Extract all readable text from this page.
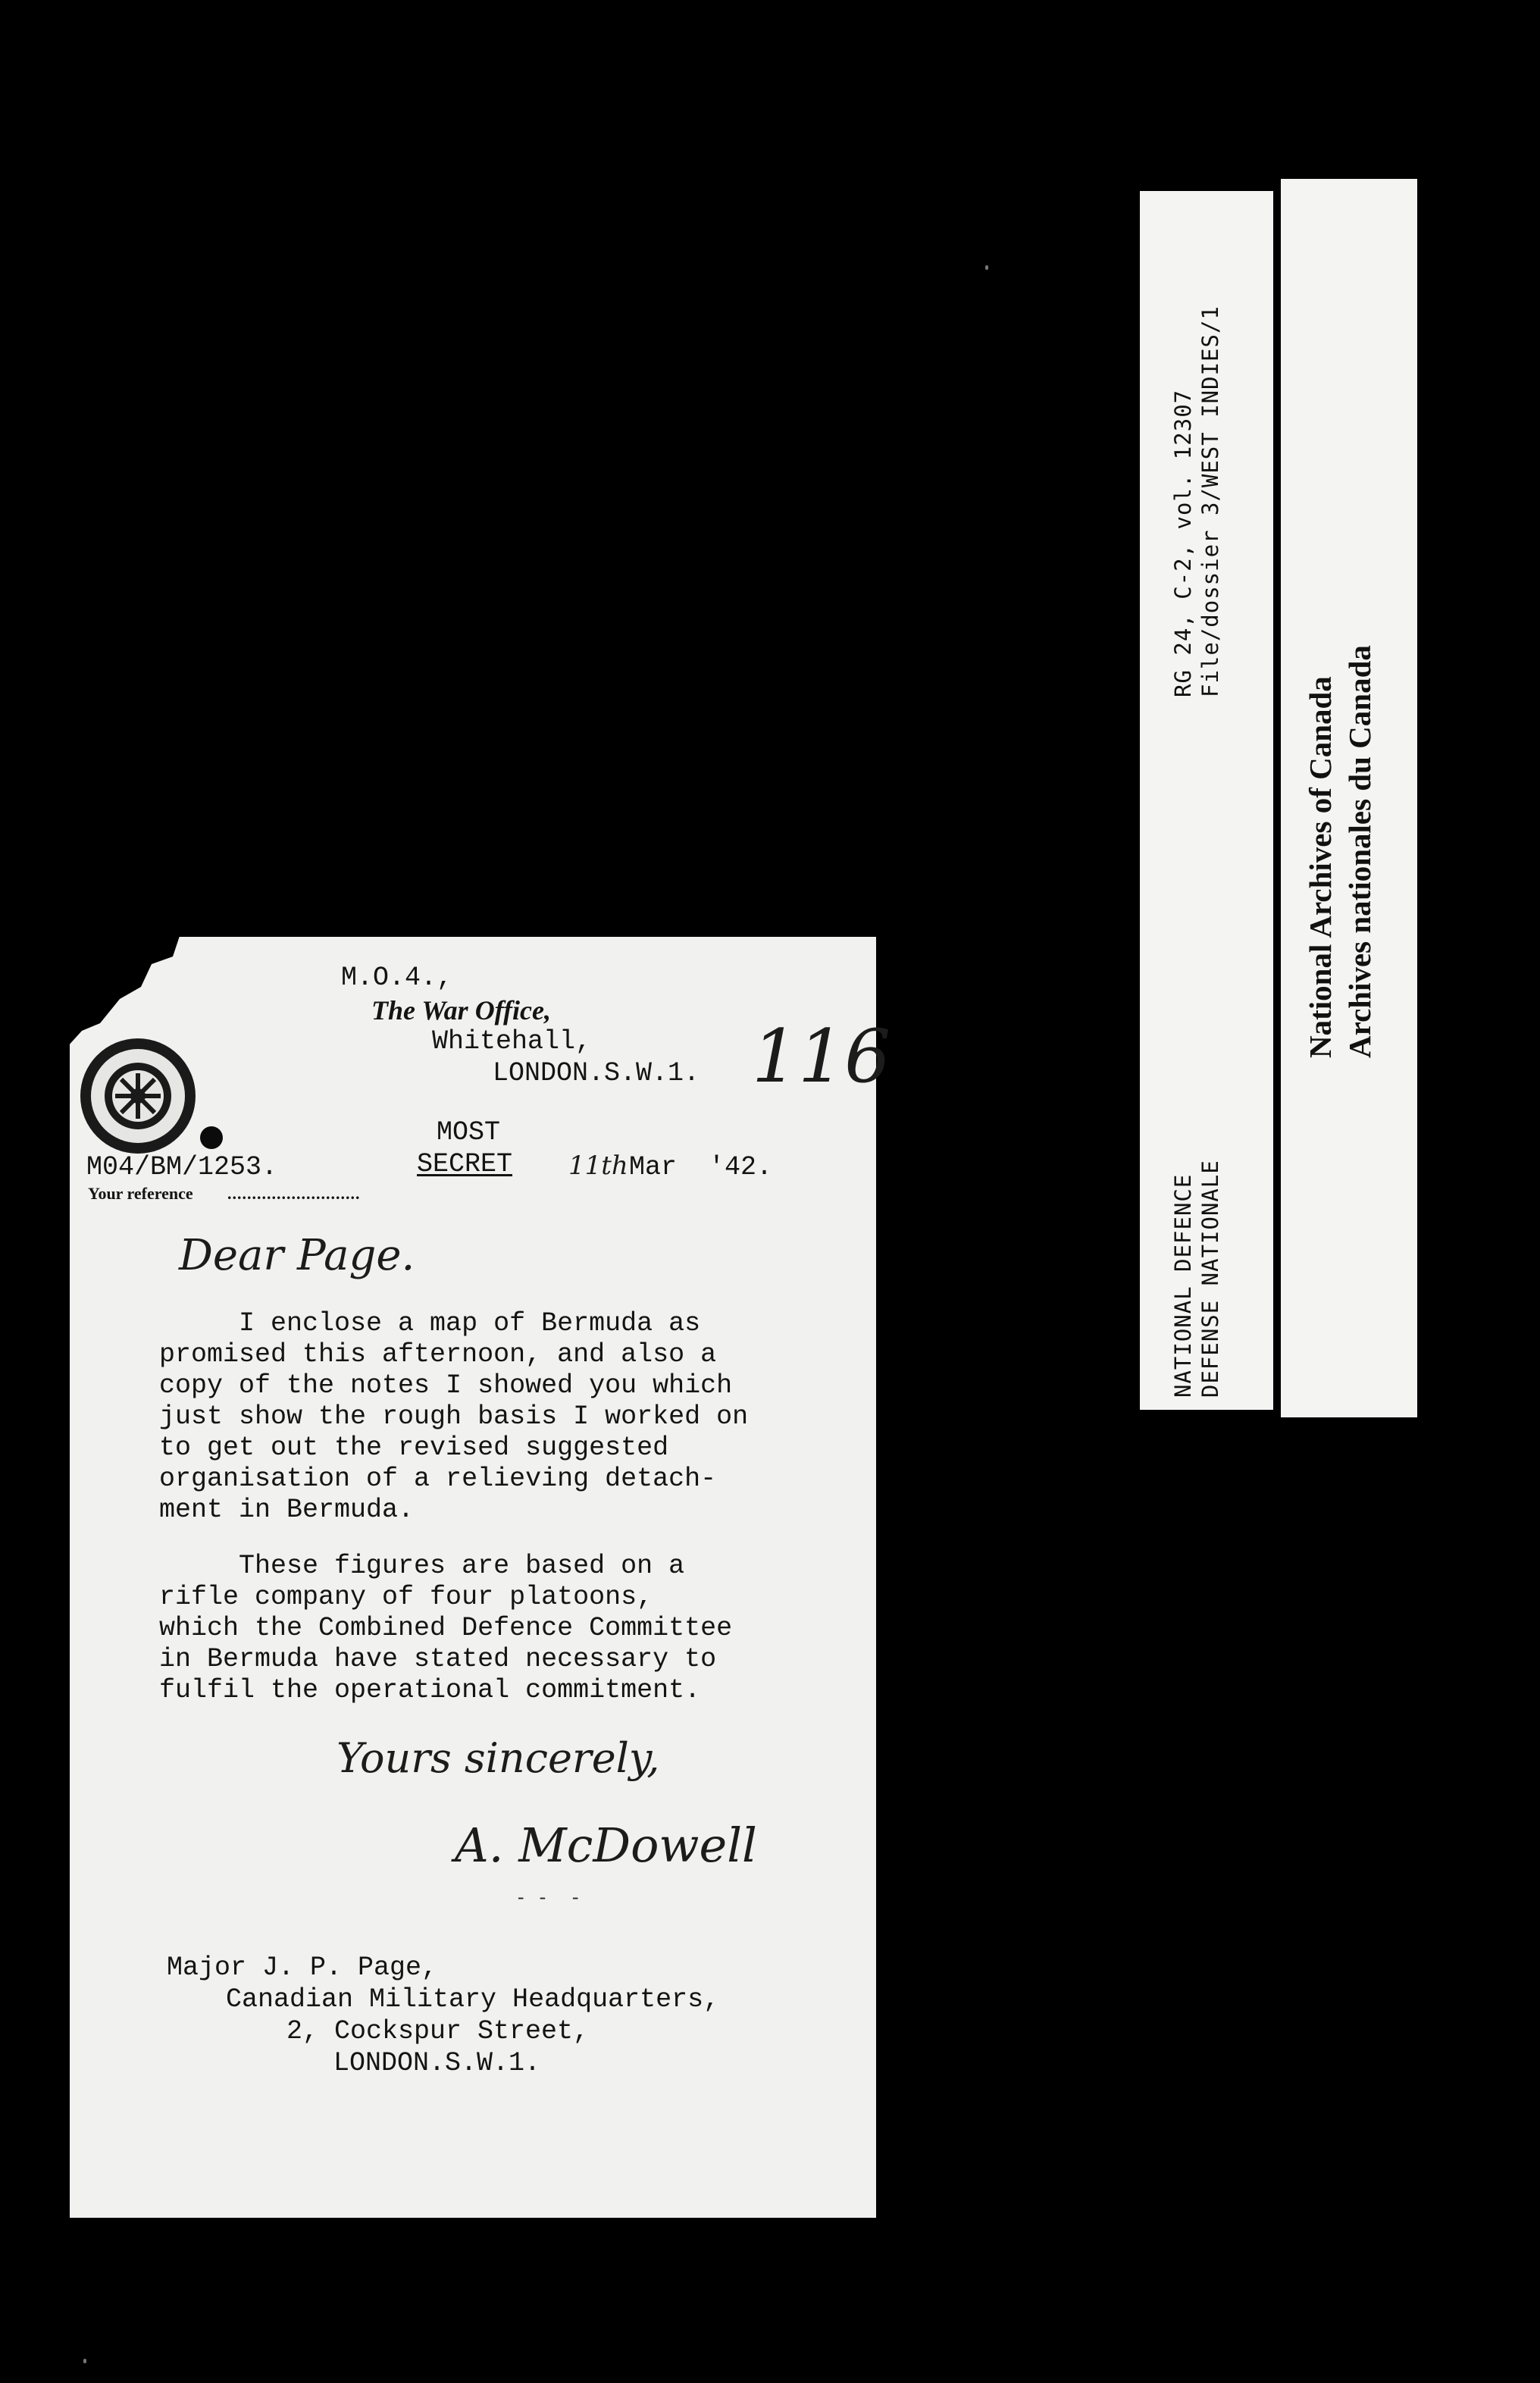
M.O.4.,
The War Office,
Whitehall,
LONDON.S.W.1. 116
MOST
SECRET
M04/BM/1253.
Your reference ...........................
11th Mar  '42.
Dear Page.
I enclose a map of Bermuda as
promised this afternoon, and also a
copy of the notes I showed you which
just show the rough basis I worked on
to get out the revised suggested
organisation of a relieving detach-
ment in Bermuda.
These figures are based on a
rifle company of four platoons,
which the Combined Defence Committee
in Bermuda have stated necessary to
fulfil the operational commitment.
Yours sincerely,
A. McDowell
- -  -
Major J. P. Page,
Canadian Military Headquarters,
2, Cockspur Street,
LONDON.S.W.1.
RG 24, C-2, vol. 12307 File/dossier 3/WEST INDIES/1
NATIONAL DEFENCE DEFENSE NATIONALE
National Archives of Canada Archives nationales du Canada
